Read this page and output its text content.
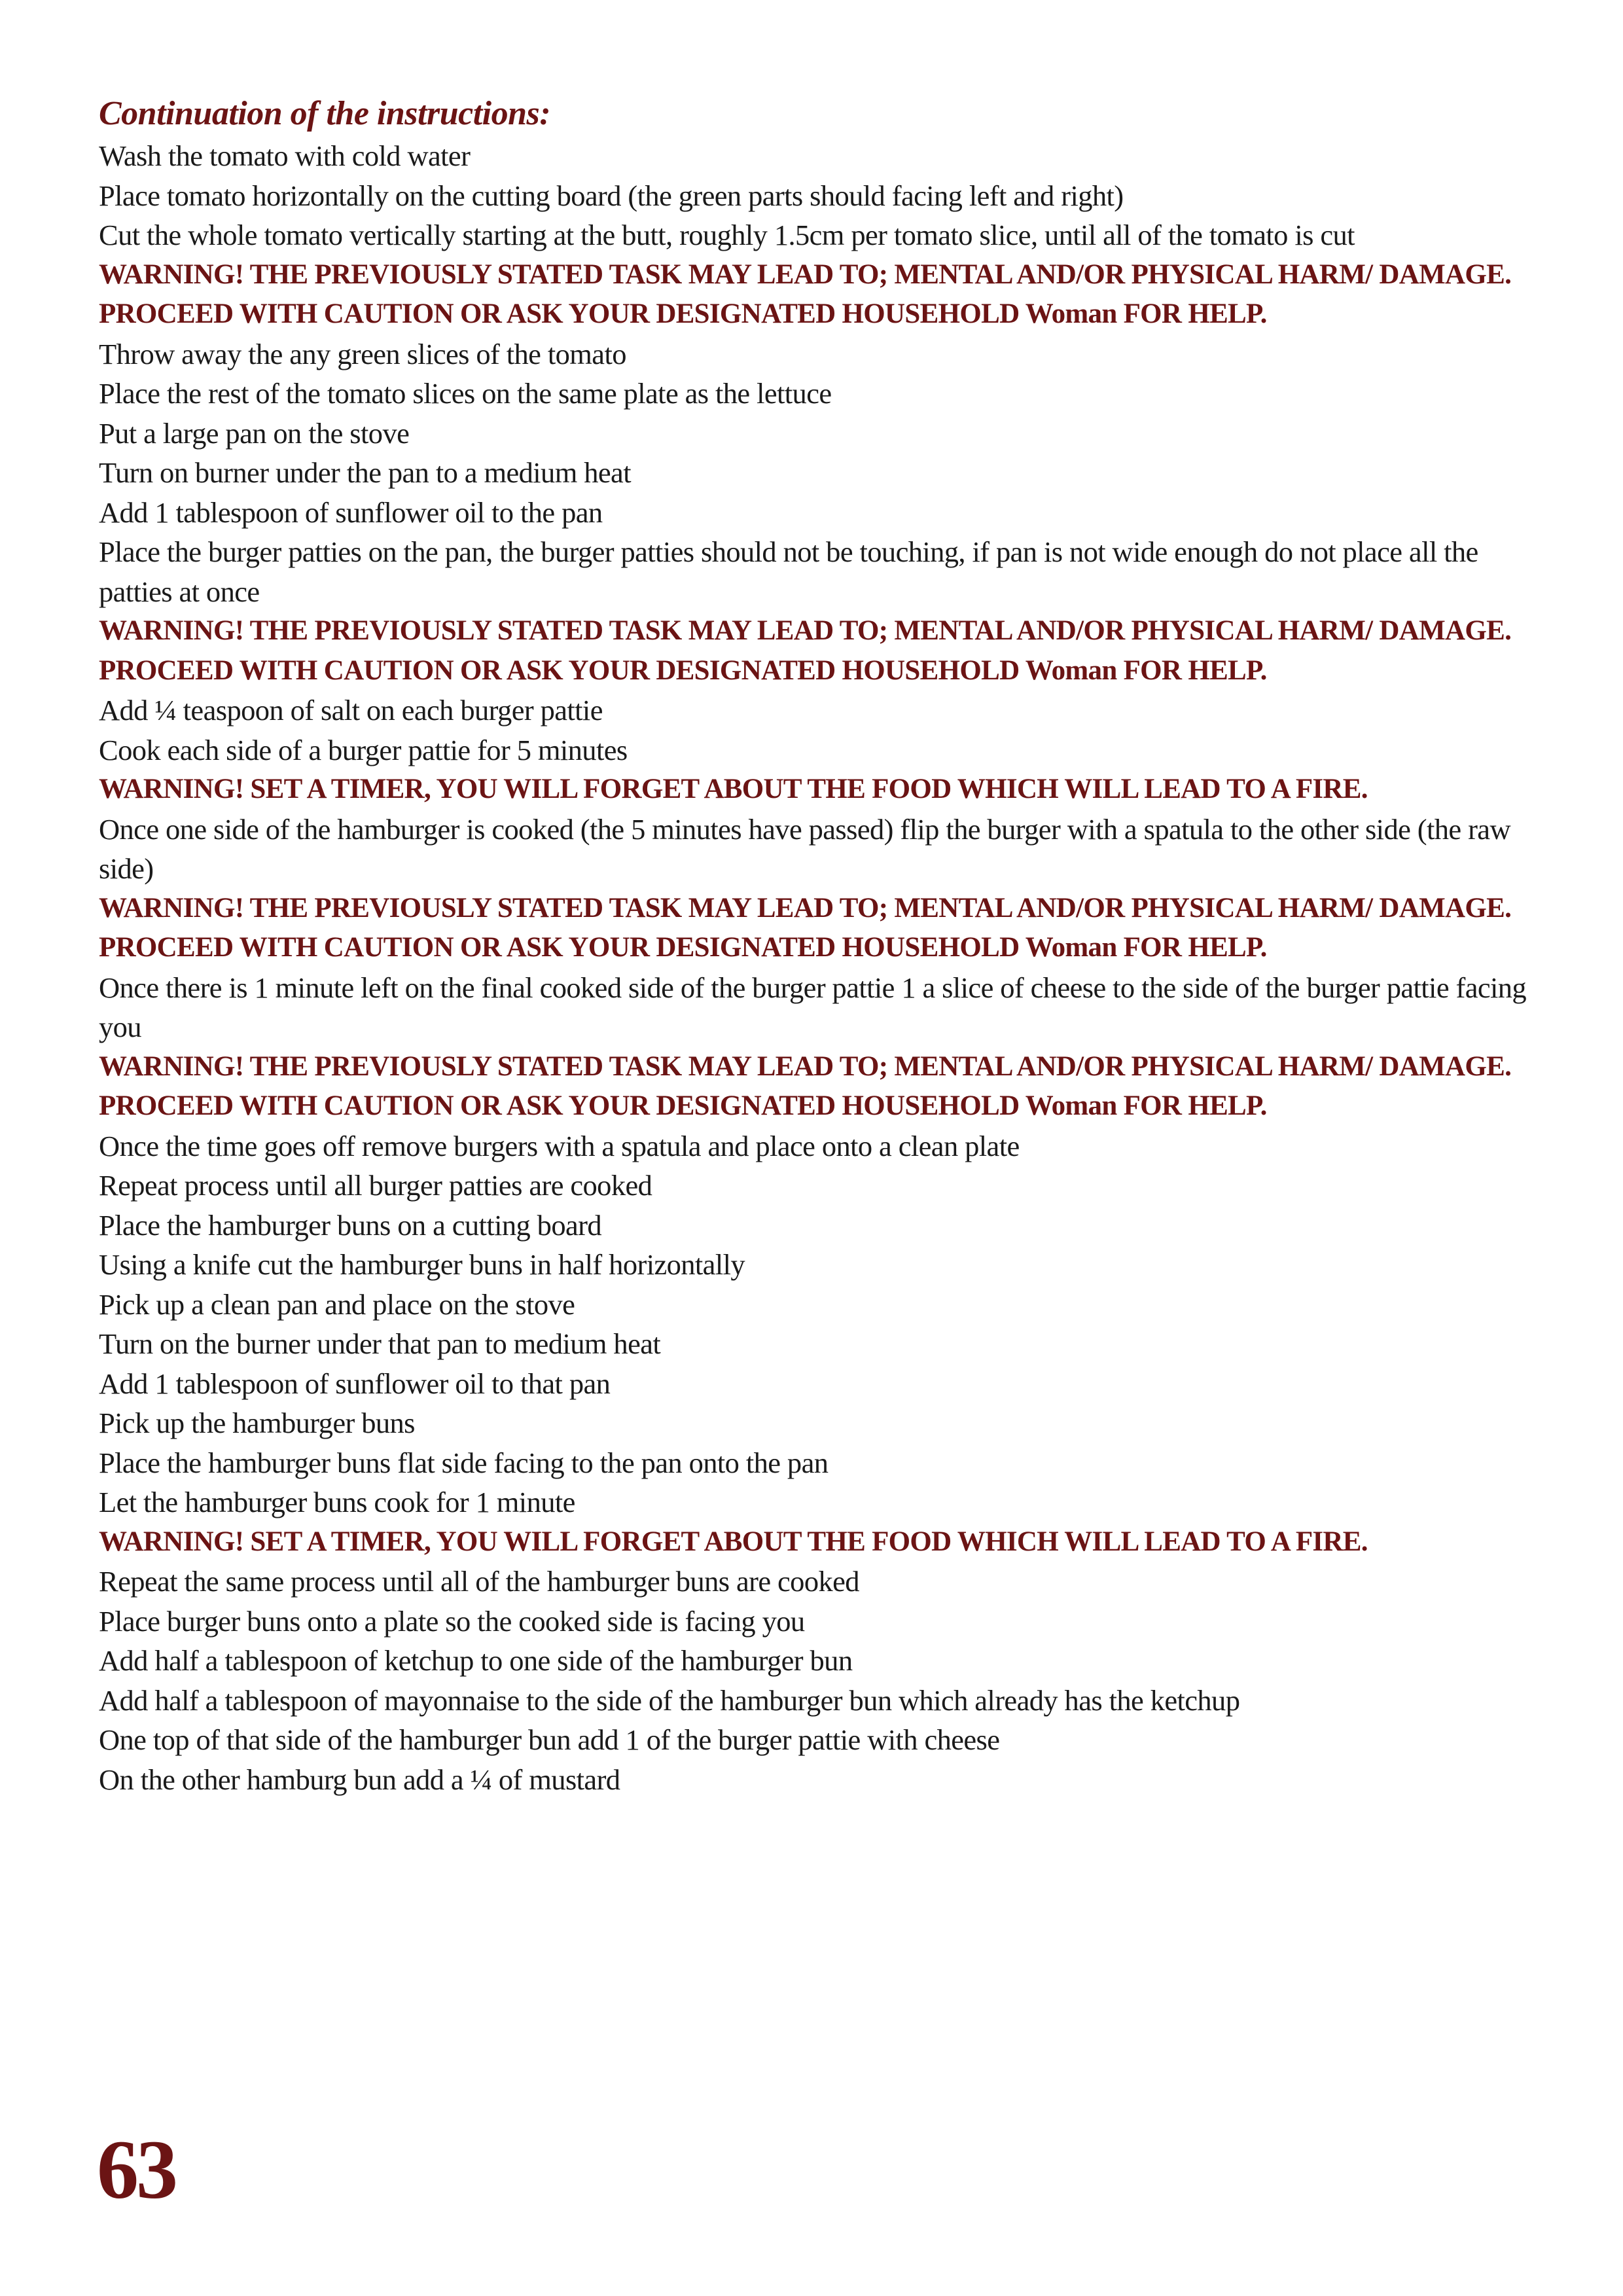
Continuation of the instructions:

Wash the tomato with cold water

Place tomato horizontally on the cutting board (the green parts should facing left and right)

Cut the whole tomato vertically starting at the butt, roughly 1.5cm per tomato slice, until all of the tomato is cut

WARNING! THE PREVIOUSLY STATED TASK MAY LEAD TO; MENTAL AND/OR PHYSICAL HARM/ DAMAGE. PROCEED WITH CAUTION OR ASK YOUR DESIGNATED HOUSEHOLD Woman FOR HELP.

Throw away the any green slices of the tomato

Place the rest of the tomato slices on the same plate as the lettuce

Put a large pan on the stove

Turn on burner under the pan to a medium heat

Add 1 tablespoon of sunflower oil to the pan

Place the burger patties on the pan, the burger patties should not be touching, if pan is not wide enough do not place all the patties at once

WARNING! THE PREVIOUSLY STATED TASK MAY LEAD TO; MENTAL AND/OR PHYSICAL HARM/ DAMAGE. PROCEED WITH CAUTION OR ASK YOUR DESIGNATED HOUSEHOLD Woman FOR HELP.

Add ¼ teaspoon of salt on each burger pattie

Cook each side of a burger pattie for 5 minutes

WARNING! SET A TIMER, YOU WILL FORGET ABOUT THE FOOD WHICH WILL LEAD TO A FIRE.

Once one side of the hamburger is cooked (the 5 minutes have passed) flip the burger with a spatula to the other side (the raw side)

WARNING! THE PREVIOUSLY STATED TASK MAY LEAD TO; MENTAL AND/OR PHYSICAL HARM/ DAMAGE. PROCEED WITH CAUTION OR ASK YOUR DESIGNATED HOUSEHOLD Woman FOR HELP.

Once there is 1 minute left on the final cooked side of the burger pattie 1 a slice of cheese to the side of the burger pattie facing you

WARNING! THE PREVIOUSLY STATED TASK MAY LEAD TO; MENTAL AND/OR PHYSICAL HARM/ DAMAGE. PROCEED WITH CAUTION OR ASK YOUR DESIGNATED HOUSEHOLD Woman FOR HELP.

Once the time goes off remove burgers with a spatula and place onto a clean plate

Repeat process until all burger patties are cooked

Place the hamburger buns on a cutting board

Using a knife cut the hamburger buns in half horizontally

Pick up a clean pan and place on the stove

Turn on the burner under that pan to medium heat

Add 1 tablespoon of sunflower oil to that pan

Pick up the hamburger buns

Place the hamburger buns flat side facing to the pan onto the pan

Let the hamburger buns cook for 1 minute

WARNING! SET A TIMER, YOU WILL FORGET ABOUT THE FOOD WHICH WILL LEAD TO A FIRE.

Repeat the same process until all of the hamburger buns are cooked

Place burger buns onto a plate so the cooked side is facing you

Add half a tablespoon of ketchup to one side of the hamburger bun

Add half a tablespoon of mayonnaise to the side of the hamburger bun which already has the ketchup

One top of that side of the hamburger bun add 1 of the burger pattie with cheese

On the other hamburg bun add a ¼ of mustard

63
